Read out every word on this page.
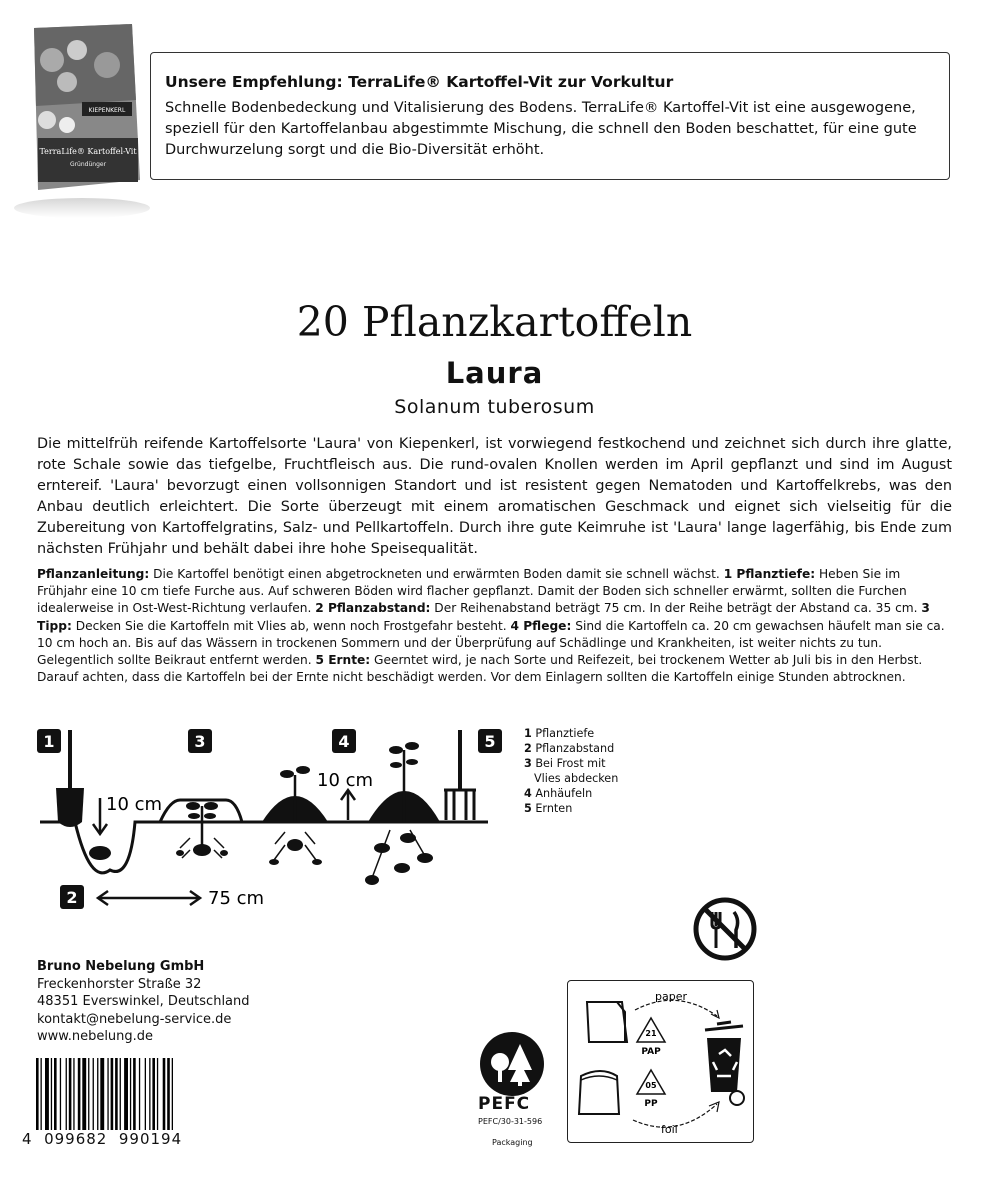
KIEPENKERL
TerraLife® Kartoffel-Vit
Gründünger
Unsere Empfehlung: TerraLife® Kartoffel-Vit zur Vorkultur
Schnelle Bodenbedeckung und Vitalisierung des Bodens. TerraLife® Kartoffel-Vit ist eine ausgewogene, speziell für den Kartoffelanbau abgestimmte Mischung, die schnell den Boden beschattet, für eine gute Durchwurzelung sorgt und die Bio-Diversität erhöht.
20 Pflanzkartoffeln
Laura
Solanum tuberosum
Die mittelfrüh reifende Kartoffelsorte 'Laura' von Kiepenkerl, ist vorwiegend festkochend und zeichnet sich durch ihre glatte, rote Schale sowie das tiefgelbe, Fruchtfleisch aus. Die rund-ovalen Knollen werden im April gepflanzt und sind im August erntereif. 'Laura' bevorzugt einen vollsonnigen Standort und ist resistent gegen Nematoden und Kartoffelkrebs, was den Anbau deutlich erleichtert. Die Sorte überzeugt mit einem aromatischen Geschmack und eignet sich vielseitig für die Zubereitung von Kartoffelgratins, Salz- und Pellkartoffeln. Durch ihre gute Keimruhe ist 'Laura' lange lagerfähig, bis Ende zum nächsten Frühjahr und behält dabei ihre hohe Speisequalität.
Pflanzanleitung: Die Kartoffel benötigt einen abgetrockneten und erwärmten Boden damit sie schnell wächst. 1 Pflanztiefe: Heben Sie im Frühjahr eine 10 cm tiefe Furche aus. Auf schweren Böden wird flacher gepflanzt. Damit der Boden sich schneller erwärmt, sollten die Furchen idealerweise in Ost-West-Richtung verlaufen. 2 Pflanzabstand: Der Reihenabstand beträgt 75 cm. In der Reihe beträgt der Abstand ca. 35 cm. 3 Tipp: Decken Sie die Kartoffeln mit Vlies ab, wenn noch Frostgefahr besteht. 4 Pflege: Sind die Kartoffeln ca. 20 cm gewachsen häufelt man sie ca. 10 cm hoch an. Bis auf das Wässern in trockenen Sommern und der Überprüfung auf Schädlinge und Krankheiten, ist weiter nichts zu tun. Gelegentlich sollte Beikraut entfernt werden. 5 Ernte: Geerntet wird, je nach Sorte und Reifezeit, bei trockenem Wetter ab Juli bis in den Herbst. Darauf achten, dass die Kartoffeln bei der Ernte nicht beschädigt werden. Vor dem Einlagern sollten die Kartoffeln einige Stunden abtrocknen.
1
2
3	4	5
10 cm
10 cm
75 cm
1 Pflanztiefe
2 Pflanzabstand
3 Bei Frost mit
Vlies abdecken
4 Anhäufeln
5 Ernten
Bruno Nebelung GmbH
Freckenhorster Straße 32
48351 Everswinkel, Deutschland
kontakt@nebelung-service.de
www.nebelung.de
4  099682  990194
PEFC
PEFC/30-31-596
Packaging
21
PAP
05
PP
paper
foil
